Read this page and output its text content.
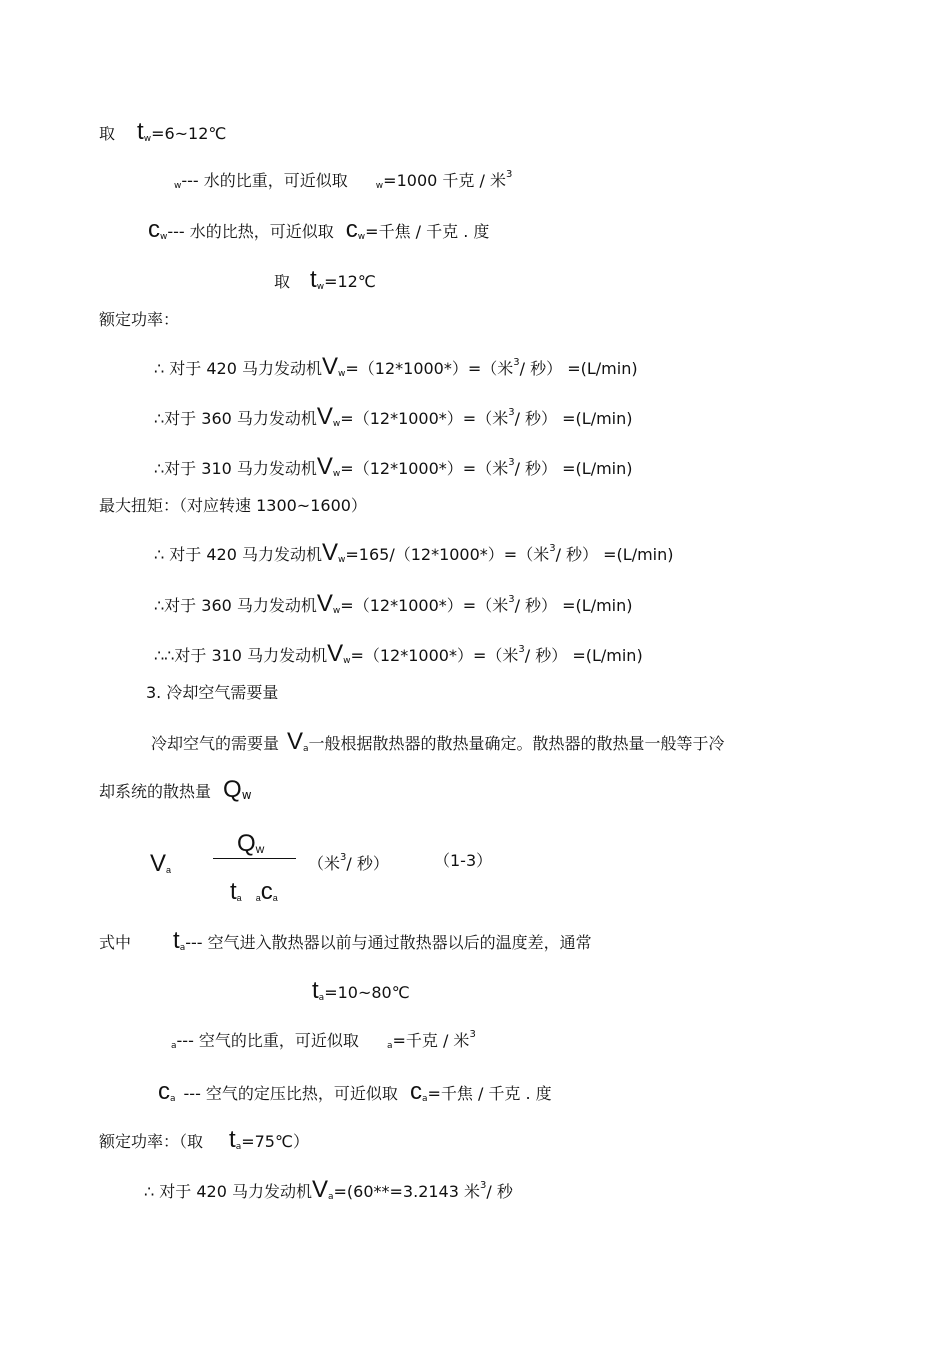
取 $t_w=6\sim 12℃$
$_w$--- 水的比重，可近似取	$_w$=1000 千克 / 米$^3$
$c_w---$ 水的比热，可近似取 $c_w=$千焦 / 千克 . 度
取 $t_w=12℃$
额定功率：
∴ 对于 420 马力发动机$V_w=(12*1000*)=$（米$^3$/ 秒） =(L/min)
∴对于 360 马力发动机$V_w=(12*1000*)=$（米$^3$/ 秒） =(L/min)
∴对于 310 马力发动机$V_w=(12*1000*)=$（米$^3$/ 秒） =(L/min)
最大扭矩：（对应转速 1300~1600）
∴ 对于 420 马力发动机$V_w=165/(12*1000*)=$（米$^3$/ 秒） =(L/min)
∴对于 360 马力发动机$V_w=(12*1000*)=$（米$^3$/ 秒） =(L/min)
∴∴对于 310 马力发动机$V_w=(12*1000*)=$（米$^3$/ 秒） =(L/min)
3. 冷却空气需要量
冷却空气的需要量 $V_a$一般根据散热器的散热量确定。散热器的散热量一般等于冷
却系统的散热量 Qw
$V_a$
Qw
$t_a$ $_ac_a$
（米$^3$/ 秒）	（1-3）
式中 $t_a---$ 空气进入散热器以前与通过散热器以后的温度差，通常
$t_a=10\sim 80℃$
$_a$--- 空气的比重，可近似取	$_a$=千克 / 米$^3$
$c_a$ --- 空气的定压比热，可近似取 $c_a=$千焦 / 千克 . 度
额定功率：（取 $t_a=75℃$）
∴ 对于 420 马力发动机$V_a=(60**=3.2143$ 米$^3$/ 秒
